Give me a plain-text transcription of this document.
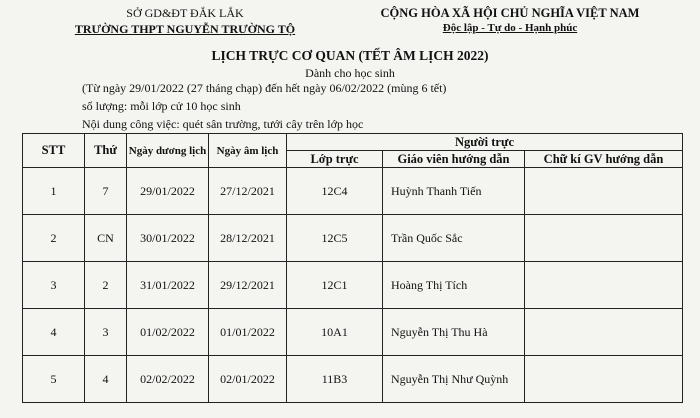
SỞ GD&ĐT ĐẮK LẮK
TRƯỜNG THPT NGUYỄN TRƯỜNG TỘ
CỘNG HÒA XÃ HỘI CHỦ NGHĨA VIỆT NAM
Độc lập - Tự do - Hạnh phúc
LỊCH TRỰC CƠ QUAN (TẾT ÂM LỊCH 2022)
Dành cho học sinh
(Từ ngày 29/01/2022 (27 tháng chạp) đến hết ngày 06/02/2022 (mùng 6 tết)
số lượng: mỗi lớp cử 10 học sinh
Nội dung công việc: quét sân trường, tưới cây trên lớp học
STT	Thứ	Ngày dương lịch	Ngày âm lịch	Người trực		
				Lớp trực	Giáo viên hướng dẫn	Chữ kí GV hướng dẫn
1	7	29/01/2022	27/12/2021	12C4	Huỳnh Thanh Tiến	
2	CN	30/01/2022	28/12/2021	12C5	Trần Quốc Sắc	
3	2	31/01/2022	29/12/2021	12C1	Hoàng Thị Tích	
4	3	01/02/2022	01/01/2022	10A1	Nguyễn Thị Thu Hà	
5	4	02/02/2022	02/01/2022	11B3	Nguyễn Thị Như Quỳnh	
